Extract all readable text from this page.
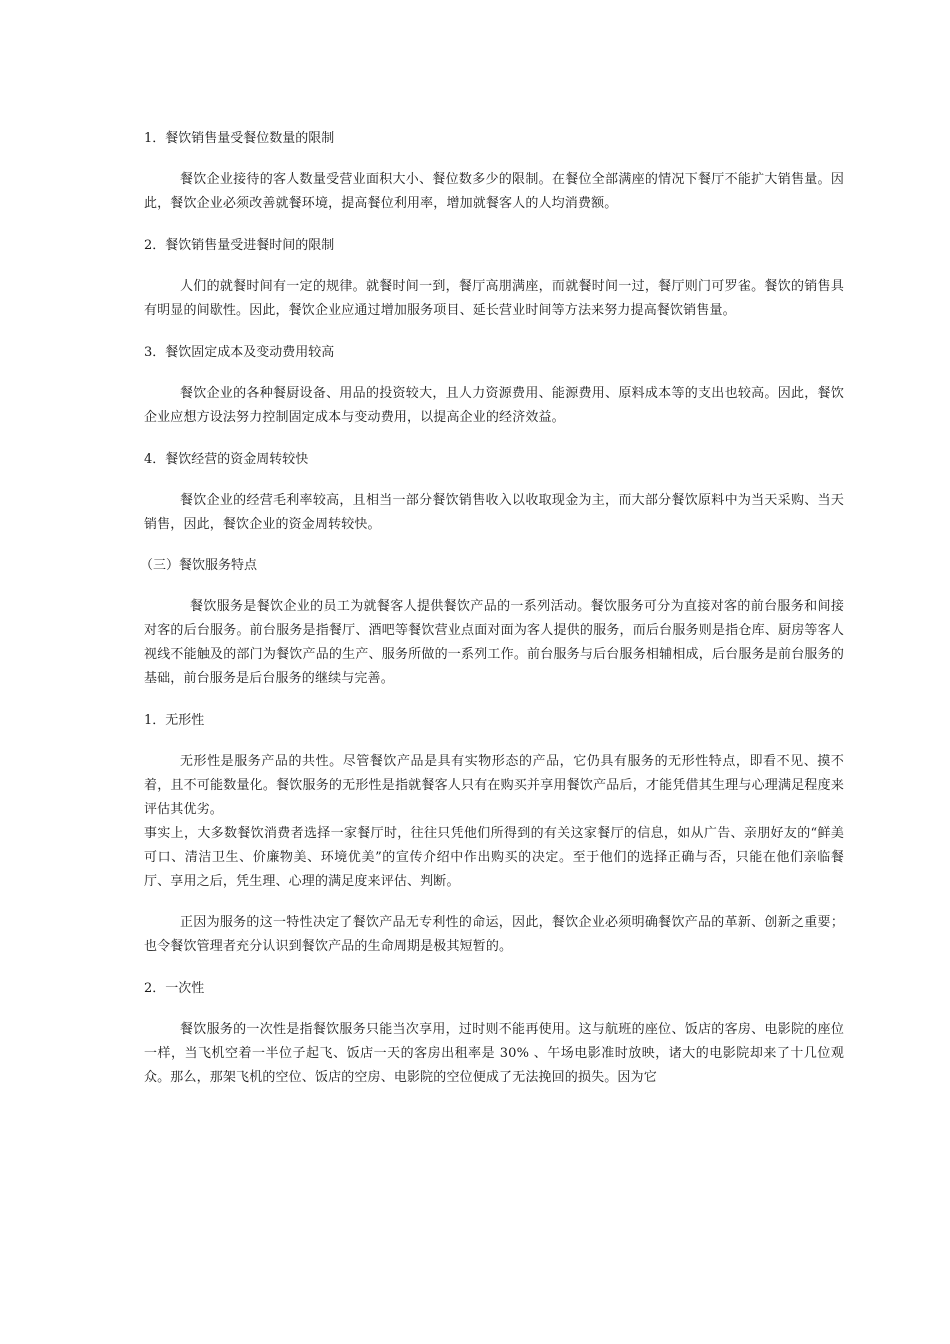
1．餐饮销售量受餐位数量的限制

餐饮企业接待的客人数量受营业面积大小、餐位数多少的限制。在餐位全部满座的情况下餐厅不能扩大销售量。因此，餐饮企业必须改善就餐环境，提高餐位利用率，增加就餐客人的人均消费额。

2．餐饮销售量受进餐时间的限制

人们的就餐时间有一定的规律。就餐时间一到，餐厅高朋满座，而就餐时间一过，餐厅则门可罗雀。餐饮的销售具有明显的间歇性。因此，餐饮企业应通过增加服务项目、延长营业时间等方法来努力提高餐饮销售量。

3．餐饮固定成本及变动费用较高

餐饮企业的各种餐厨设备、用品的投资较大，且人力资源费用、能源费用、原料成本等的支出也较高。因此，餐饮企业应想方设法努力控制固定成本与变动费用，以提高企业的经济效益。

4．餐饮经营的资金周转较快

餐饮企业的经营毛利率较高，且相当一部分餐饮销售收入以收取现金为主，而大部分餐饮原料中为当天采购、当天销售，因此，餐饮企业的资金周转较快。

（三）餐饮服务特点

餐饮服务是餐饮企业的员工为就餐客人提供餐饮产品的一系列活动。餐饮服务可分为直接对客的前台服务和间接对客的后台服务。前台服务是指餐厅、酒吧等餐饮营业点面对面为客人提供的服务，而后台服务则是指仓库、厨房等客人视线不能触及的部门为餐饮产品的生产、服务所做的一系列工作。前台服务与后台服务相辅相成，后台服务是前台服务的基础，前台服务是后台服务的继续与完善。

1．无形性

无形性是服务产品的共性。尽管餐饮产品是具有实物形态的产品，它仍具有服务的无形性特点，即看不见、摸不着，且不可能数量化。餐饮服务的无形性是指就餐客人只有在购买并享用餐饮产品后，才能凭借其生理与心理满足程度来评估其优劣。

事实上，大多数餐饮消费者选择一家餐厅时，往往只凭他们所得到的有关这家餐厅的信息，如从广告、亲朋好友的“鲜美可口、清洁卫生、价廉物美、环境优美”的宣传介绍中作出购买的决定。至于他们的选择正确与否，只能在他们亲临餐厅、享用之后，凭生理、心理的满足度来评估、判断。

正因为服务的这一特性决定了餐饮产品无专利性的命运，因此，餐饮企业必须明确餐饮产品的革新、创新之重要；也令餐饮管理者充分认识到餐饮产品的生命周期是极其短暂的。

2．一次性

餐饮服务的一次性是指餐饮服务只能当次享用，过时则不能再使用。这与航班的座位、饭店的客房、电影院的座位一样，当飞机空着一半位子起飞、饭店一天的客房出租率是 30% 、午场电影准时放映，诸大的电影院却来了十几位观众。那么，那架飞机的空位、饭店的空房、电影院的空位便成了无法挽回的损失。因为它
